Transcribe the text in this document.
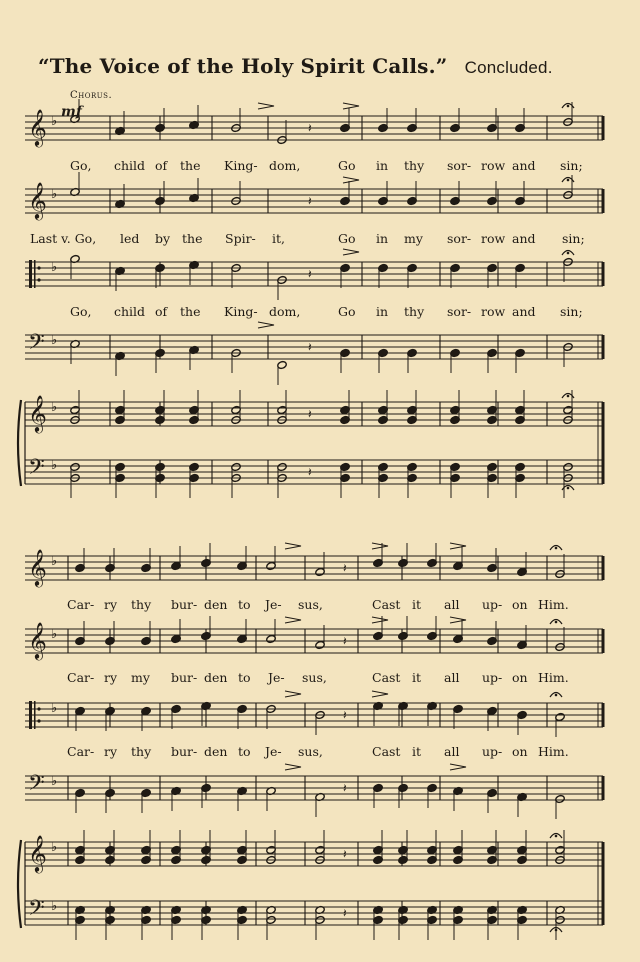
𝄞 ♭
𝄞 ♭
♭
𝄢 ♭
𝄞 ♭
𝄢 ♭
𝄽
𝄽
𝄽
𝄽
𝄽
𝄽
𝄞 ♭
𝄞 ♭
♭
𝄢 ♭
𝄞 ♭
𝄢 ♭
𝄽
𝄽
𝄽
𝄽
𝄽
𝄽
“The Voice of the Holy Spirit Calls.” Concluded.
Chorus.
mf
Go, child of the King- dom,	Go in thy sor- row and sin;
Last v. Go, led by the Spir- it,	Go in my sor- row and sin;
Go, child of the King- dom,	Go in thy sor- row and sin;
Car- ry thy bur- den to Je- sus,	Cast it all up- on Him.
Car- ry my bur- den to Je- sus,	Cast it all up- on Him.
Car- ry thy bur- den to Je- sus,	Cast it all up- on Him.
